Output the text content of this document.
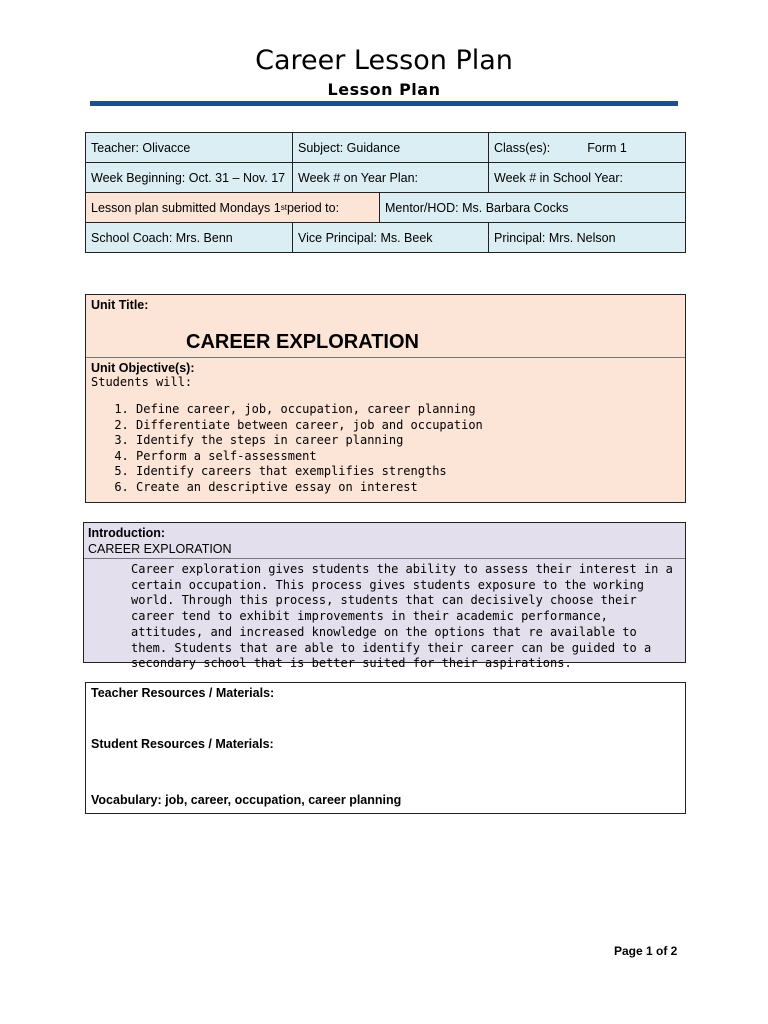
Career Lesson Plan
Lesson Plan
Teacher: Olivacce	Subject: Guidance	Class(es): Form 1
Week Beginning: Oct. 31 – Nov. 17	Week # on Year Plan:	Week # in School Year:

Lesson plan submitted Mondays 1 st period to: Mentor/HOD: Ms. Barbara Cocks		

School Coach: Mrs. Benn	Vice Principal: Ms. Beek	Principal: Mrs. Nelson
Unit Title:
CAREER EXPLORATION
Unit Objective(s):
Students will:
1. Define career, job, occupation, career planning
2. Differentiate between career, job and occupation
3. Identify the steps in career planning
4. Perform a self-assessment
5. Identify careers that exemplifies strengths
6. Create an descriptive essay on interest
Introduction:
CAREER EXPLORATION
Career exploration gives students the ability to assess their interest in a certain occupation. This process gives students exposure to the working world. Through this process, students that can decisively choose their career tend to exhibit improvements in their academic performance, attitudes, and increased knowledge on the options that re available to them. Students that are able to identify their career can be guided to a secondary school that is better suited for their aspirations.
Teacher Resources / Materials:
Student Resources / Materials:
Vocabulary: job, career, occupation, career planning
Page 1 of 2
